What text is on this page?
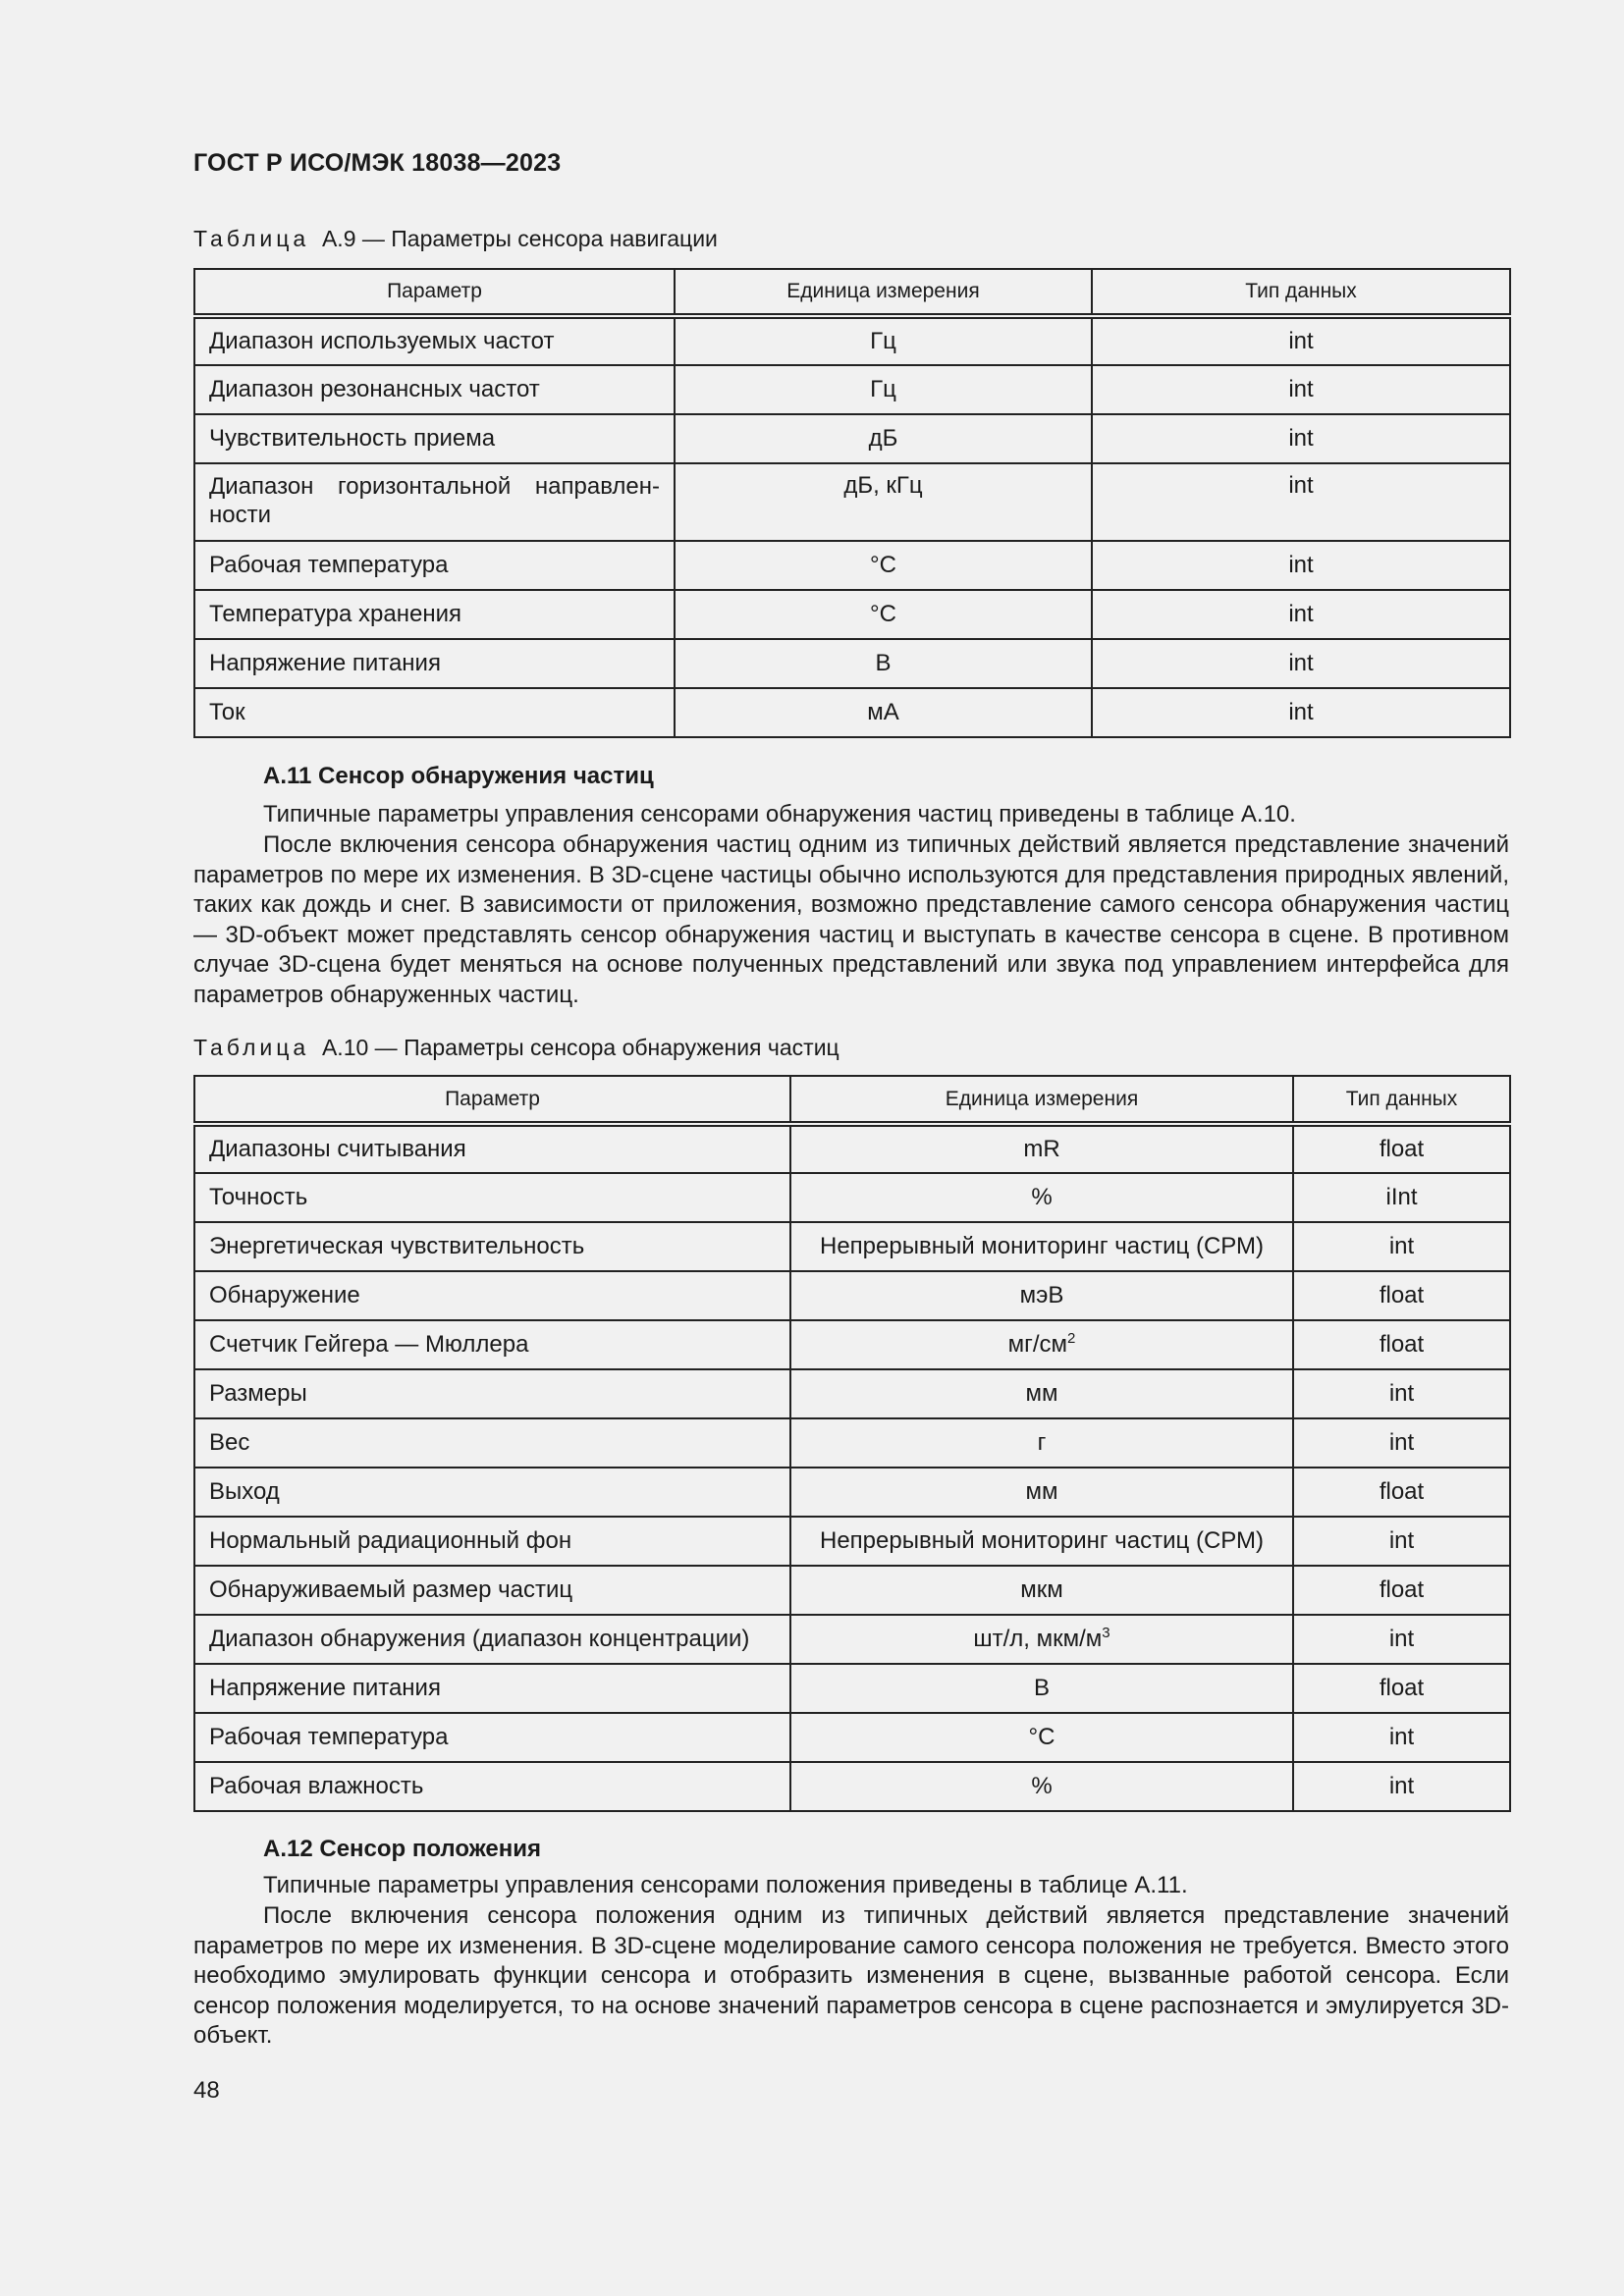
ГОСТ Р ИСО/МЭК 18038—2023
Таблица А.9 — Параметры сенсора навигации
Параметр	Единица измерения	Тип данных
Диапазон используемых частот	Гц	int
Диапазон резонансных частот	Гц	int
Чувствительность приема	дБ	int
Диапазон горизонтальной направлен-ности	дБ, кГц	int
Рабочая температура	°С	int
Температура хранения	°С	int
Напряжение питания	В	int
Ток	мА	int
А.11 Сенсор обнаружения частиц
Типичные параметры управления сенсорами обнаружения частиц приведены в таблице А.10.
После включения сенсора обнаружения частиц одним из типичных действий является представление значений параметров по мере их изменения. В 3D-сцене частицы обычно используются для представления природных явлений, таких как дождь и снег. В зависимости от приложения, возможно представление самого сенсора обнаружения частиц — 3D-объект может представлять сенсор обнаружения частиц и выступать в качестве сенсора в сцене. В противном случае 3D-сцена будет меняться на основе полученных представлений или звука под управлением интерфейса для параметров обнаруженных частиц.
Таблица А.10 — Параметры сенсора обнаружения частиц
Параметр	Единица измерения	Тип данных
Диапазоны считывания	mR	float
Точность	%	iInt
Энергетическая чувствительность	Непрерывный мониторинг частиц (СРМ)	int
Обнаружение	мэВ	float
Счетчик Гейгера — Мюллера	$мг/см^2$	float
Размеры	мм	int
Вес	г	int
Выход	мм	float
Нормальный радиационный фон	Непрерывный мониторинг частиц (СРМ)	int
Обнаруживаемый размер частиц	мкм	float
Диапазон обнаружения (диапазон концентрации)	шт/л, мкм/$м^3$	int
Напряжение питания	В	float
Рабочая температура	°С	int
Рабочая влажность	%	int
А.12 Сенсор положения
Типичные параметры управления сенсорами положения приведены в таблице А.11.
После включения сенсора положения одним из типичных действий является представление значений параметров по мере их изменения. В 3D-сцене моделирование самого сенсора положения не требуется. Вместо этого необходимо эмулировать функции сенсора и отобразить изменения в сцене, вызванные работой сенсора. Если сенсор положения моделируется, то на основе значений параметров сенсора в сцене распознается и эмулируется 3D-объект.
48
